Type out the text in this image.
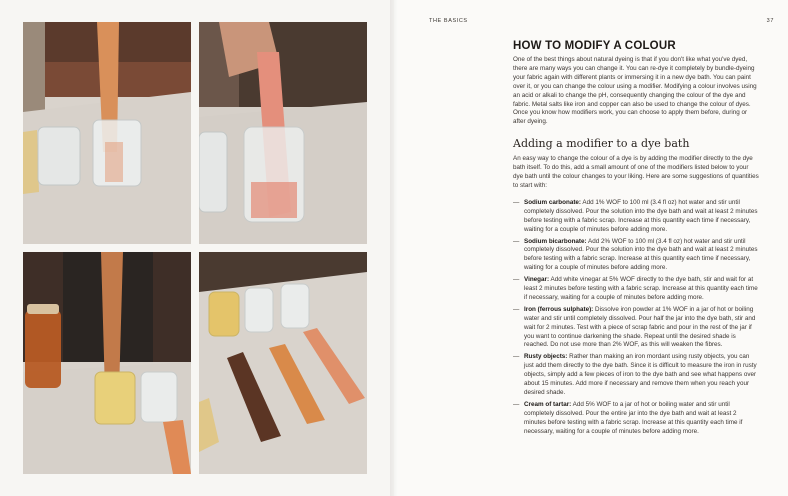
THE BASICS	37
HOW TO MODIFY A COLOUR
One of the best things about natural dyeing is that if you don't like what you've dyed, there are many ways you can change it. You can re-dye it completely by bundle-dyeing your fabric again with different plants or immersing it in a new dye bath. You can paint over it, or you can change the colour using a modifier. Modifying a colour involves using an acid or alkali to change the pH, consequently changing the colour of the dye and fabric. Metal salts like iron and copper can also be used to change the colour of dyes. Once you know how modifiers work, you can choose to apply them before, during or after dyeing.
Adding a modifier to a dye bath
An easy way to change the colour of a dye is by adding the modifier directly to the dye bath itself. To do this, add a small amount of one of the modifiers listed below to your dye bath until the colour changes to your liking. Here are some suggestions of quantities to start with:
— Sodium carbonate: Add 1% WOF to 100 ml (3.4 fl oz) hot water and stir until completely dissolved. Pour the solution into the dye bath and wait at least 2 minutes before testing with a fabric scrap. Increase at this quantity each time if necessary, waiting for a couple of minutes before adding more.
— Sodium bicarbonate: Add 2% WOF to 100 ml (3.4 fl oz) hot water and stir until completely dissolved. Pour the solution into the dye bath and wait at least 2 minutes before testing with a fabric scrap. Increase at this quantity each time if necessary, waiting for a couple of minutes before adding more.
— Vinegar: Add white vinegar at 5% WOF directly to the dye bath, stir and wait for at least 2 minutes before testing with a fabric scrap. Increase at this quantity each time if necessary, waiting for a couple of minutes before adding more.
— Iron (ferrous sulphate): Dissolve iron powder at 1% WOF in a jar of hot or boiling water and stir until completely dissolved. Pour half the jar into the dye bath, stir and wait for 2 minutes. Test with a piece of scrap fabric and pour in the rest of the jar if you want to continue darkening the shade. Repeat until the desired shade is reached. Do not use more than 2% WOF, as this will weaken the fibres.
— Rusty objects: Rather than making an iron mordant using rusty objects, you can just add them directly to the dye bath. Since it is difficult to measure the iron in rusty objects, simply add a few pieces of iron to the dye bath and see what happens over about 15 minutes. Add more if necessary and remove them when you reach your desired shade.
— Cream of tartar: Add 5% WOF to a jar of hot or boiling water and stir until completely dissolved. Pour the entire jar into the dye bath and wait at least 2 minutes before testing with a fabric scrap. Increase at this quantity each time if necessary, waiting for a couple of minutes before adding more.
